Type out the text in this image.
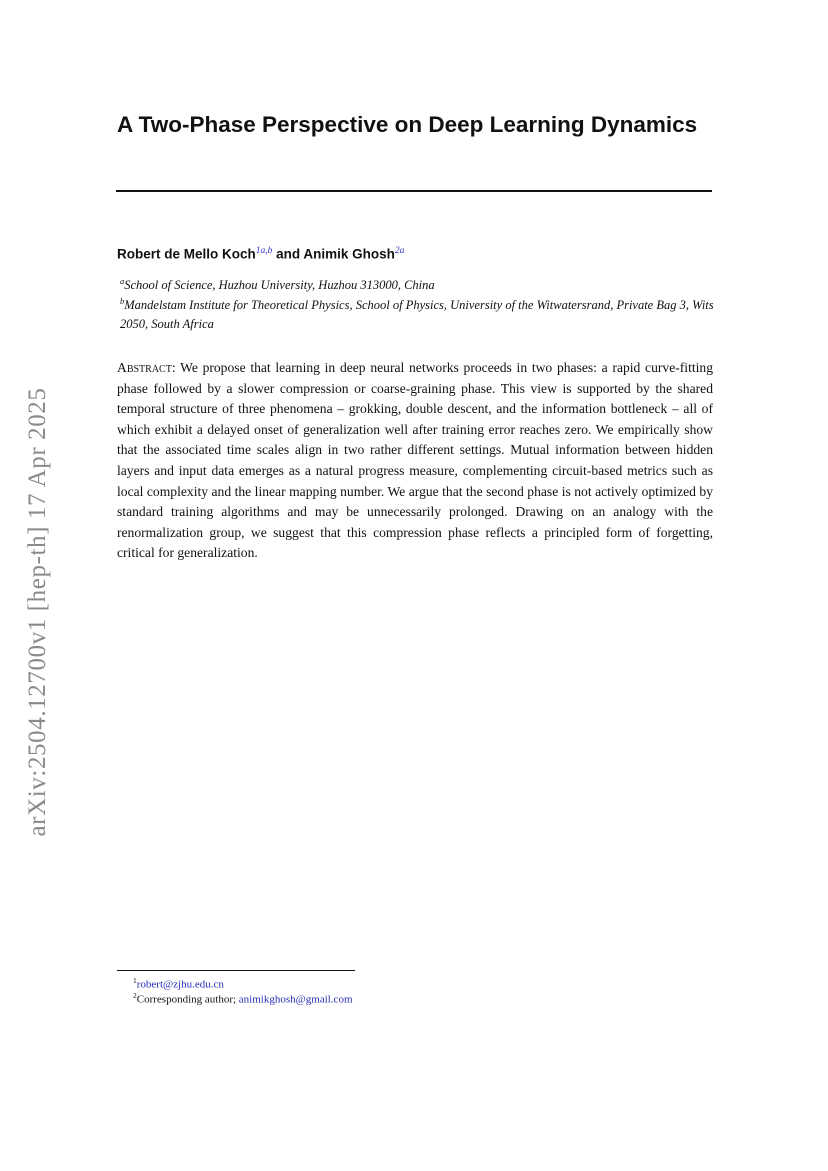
arXiv:2504.12700v1 [hep-th] 17 Apr 2025
A Two-Phase Perspective on Deep Learning Dynamics
Robert de Mello Koch$^{1a,b}$ and Animik Ghosh$^{2a}$
$^a$School of Science, Huzhou University, Huzhou 313000, China
$^b$Mandelstam Institute for Theoretical Physics, School of Physics, University of the Witwatersrand, Private Bag 3, Wits 2050, South Africa
Abstract: We propose that learning in deep neural networks proceeds in two phases: a rapid curve-fitting phase followed by a slower compression or coarse-graining phase. This view is supported by the shared temporal structure of three phenomena – grokking, double descent, and the information bottleneck – all of which exhibit a delayed onset of generalization well after training error reaches zero. We empirically show that the associated time scales align in two rather different settings. Mutual information between hidden layers and input data emerges as a natural progress measure, complementing circuit-based metrics such as local complexity and the linear mapping number. We argue that the second phase is not actively optimized by standard training algorithms and may be unnecessarily prolonged. Drawing on an analogy with the renormalization group, we suggest that this compression phase reflects a principled form of forgetting, critical for generalization.
$^1$robert@zjhu.edu.cn
$^2$Corresponding author; animikghosh@gmail.com
